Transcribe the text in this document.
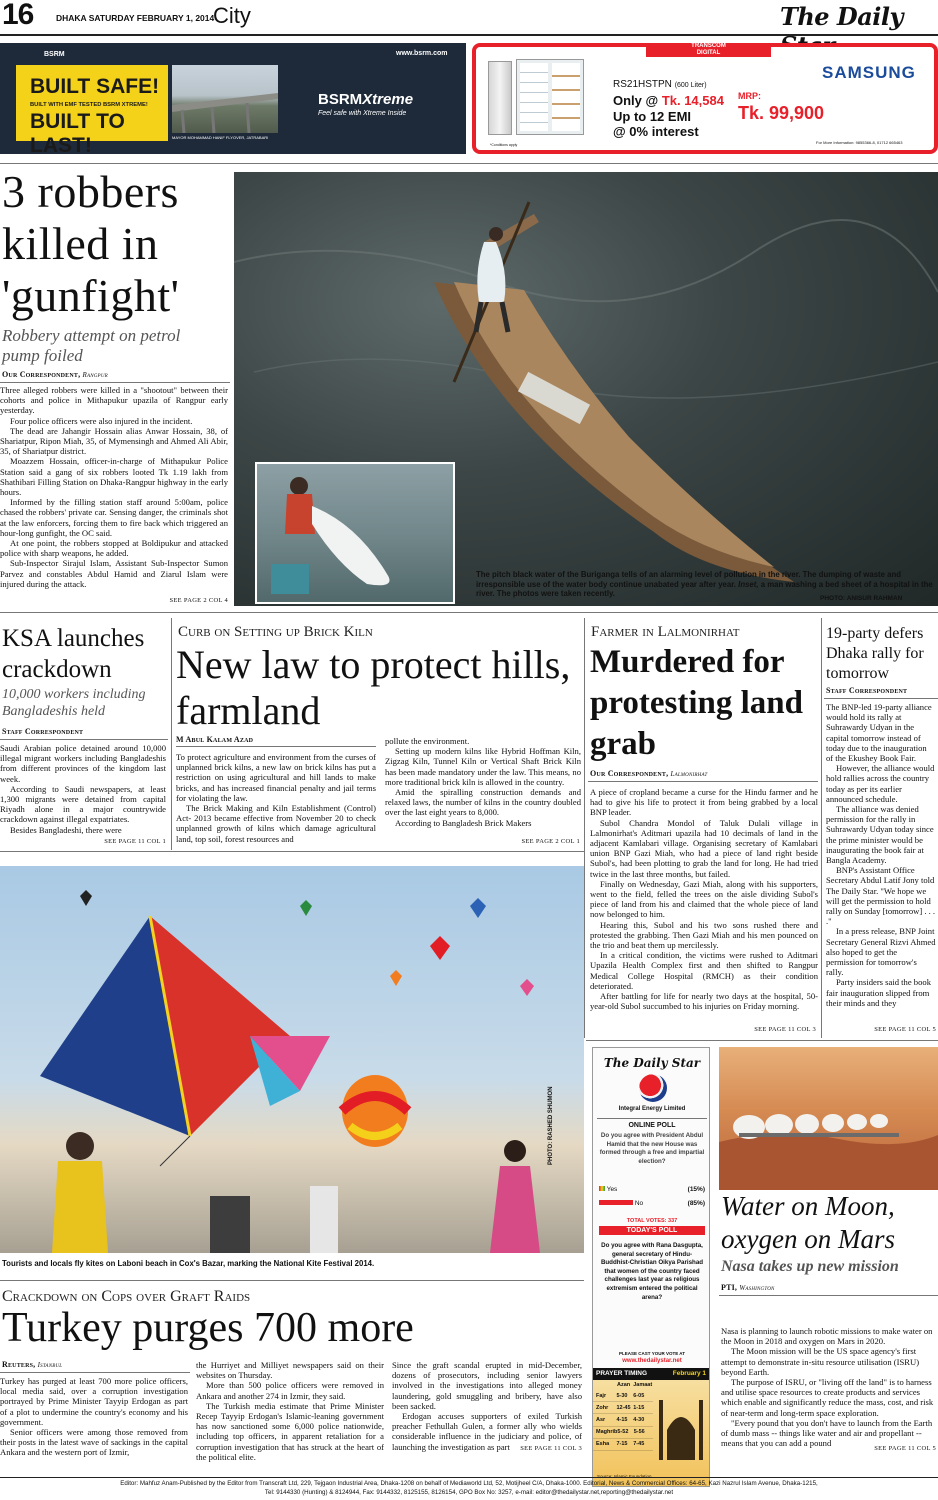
16	DHAKA SATURDAY FEBRUARY 1, 2014
City	The Daily
BSRM	www.bsrm.com
BUILT SAFE!
BUILT WITH EMF TESTED BSRM XTREME!
BUILT TO LAST!	MAYOR MOHAMMAD HANIF FLYOVER, JATRABARI
BSRMXtreme
Feel safe with Xtreme Inside
TRANSCOM
DIGITAL
*Conditions apply
RS21HSTPN (600 Liter)
Only @ Tk. 14,584
Up to 12 EMI
@ 0% interest
SAMSUNG
MRP:
Tk. 99,900
For More Information: 9855366-8, 01712 665463
3 robbers killed in 'gunfight'
Robbery attempt on petrol pump foiled
Our Correspondent, Rangpur

Three alleged robbers were killed in a "shootout" between their cohorts and police in Mithapukur upazila of Rangpur early yesterday.

Four police officers were also injured in the incident.

The dead are Jahangir Hossain alias Anwar Hossain, 38, of Shariatpur, Ripon Miah, 35, of Mymensingh and Ahmed Ali Abir, 35, of Shariatpur district.

Moazzem Hossain, officer-in-charge of Mithapukur Police Station said a gang of six robbers looted Tk 1.19 lakh from Shathibari Filling Station on Dhaka-Rangpur highway in the early hours.

Informed by the filling station staff around 5:00am, police chased the robbers' private car. Sensing danger, the criminals shot at the law enforcers, forcing them to fire back which triggered an hour-long gunfight, the OC said.

At one point, the robbers stopped at Boldipukur and attacked police with sharp weapons, he added.

Sub-Inspector Sirajul Islam, Assistant Sub-Inspector Sumon Parvez and constables Abdul Hamid and Ziarul Islam were injured during the attack.

SEE PAGE 2 COL 4
The pitch black water of the Buriganga tells of an alarming level of pollution in the river. The dumping of waste and irresponsible use of the water body continue unabated year after year. Inset, a man washing a bed sheet of a hospital in the river. The photos were taken recently.
PHOTO: ANISUR RAHMAN
KSA launches crackdown
10,000 workers including Bangladeshis held
Staff Correspondent

Saudi Arabian police detained around 10,000 illegal migrant workers including Bangladeshis from different provinces of the kingdom last week.

According to Saudi newspapers, at least 1,300 migrants were detained from capital Riyadh alone in a major countrywide crackdown against illegal expatriates.

Besides Bangladeshi, there were

SEE PAGE 11 COL 1
Curb on Setting up Brick Kiln
New law to protect hills, farmland
M Abul Kalam Azad

To protect agriculture and environment from the curses of unplanned brick kilns, a new law on brick kilns has put a restriction on using agricultural and hill lands to make bricks, and has increased financial penalty and jail terms for violating the law.

The Brick Making and Kiln Establishment (Control) Act- 2013 became effective from November 20 to check unplanned growth of kilns which damage agricultural land, top soil, forest resources and

pollute the environment.

Setting up modern kilns like Hybrid Hoffman Kiln, Zigzag Kiln, Tunnel Kiln or Vertical Shaft Brick Kiln has been made mandatory under the law. This means, no more traditional brick kiln is allowed in the country.

Amid the spiralling construction demands and relaxed laws, the number of kilns in the country doubled over the last eight years to 8,000.

According to Bangladesh Brick Makers

SEE PAGE 2 COL 1
Farmer in Lalmonirhat
Murdered for protesting land grab
Our Correspondent, Lalmonirhat

A piece of cropland became a curse for the Hindu farmer and he had to give his life to protect it from being grabbed by a local BNP leader.

Subol Chandra Mondol of Taluk Dulali village in Lalmonirhat's Aditmari upazila had 10 decimals of land in the adjacent Kamlabari village. Organising secretary of Kamlabari union BNP Gazi Miah, who had a piece of land right beside Subol's, had been plotting to grab the land for long. He had tried twice in the last three months, but failed.

Finally on Wednesday, Gazi Miah, along with his supporters, went to the field, felled the trees on the aisle dividing Subol's piece of land from his and claimed that the whole piece of land now belonged to him.

Hearing this, Subol and his two sons rushed there and protested the grabbing. Then Gazi Miah and his men pounced on the trio and beat them up mercilessly.

In a critical condition, the victims were rushed to Aditmari Upazila Health Complex first and then shifted to Rangpur Medical College Hospital (RMCH) as their condition deteriorated.

After battling for life for nearly two days at the hospital, 50-year-old Subol succumbed to his injuries on Friday morning.

SEE PAGE 11 COL 3
19-party defers Dhaka rally for tomorrow
Staff Correspondent

The BNP-led 19-party alliance would hold its rally at Suhrawardy Udyan in the capital tomorrow instead of today due to the inauguration of the Ekushey Book Fair.

However, the alliance would hold rallies across the country today as per its earlier announced schedule.

The alliance was denied permission for the rally in Suhrawardy Udyan today since the prime minister would be inaugurating the book fair at Bangla Academy.

BNP's Assistant Office Secretary Abdul Latif Jony told The Daily Star. "We hope we will get the permission to hold rally on Sunday [tomorrow] . . . ."

In a press release, BNP Joint Secretary General Rizvi Ahmed also hoped to get the permission for tomorrow's rally.

Party insiders said the book fair inauguration slipped from their minds and they

SEE PAGE 11 COL 5
PHOTO: RASHED SHUMON
Tourists and locals fly kites on Laboni beach in Cox's Bazar, marking the National Kite Festival 2014.
The Daily Star
Integral Energy Limited
ONLINE POLL
Do you agree with President Abdul Hamid that the new House was formed through a free and impartial election?
Yes	(15%)
No	(85%)
TOTAL VOTES: 337
TODAY'S POLL
Do you agree with Rana Dasgupta, general secretary of Hindu-Buddhist-Christian Oikya Parishad that women of the country faced challenges last year as religious extremism entered the political arena?
PLEASE CAST YOUR VOTE AT
www.thedailystar.net
PRAYER TIMING	February 1
Azan Jamaat
Fajr	5-30	6-05
Zohr	12-45 1-15
Asr	4-15	4-30
Maghrib 5-52 5-56
Esha	7-15	7-45
Water on Moon, oxygen on Mars
Nasa takes up new mission
PTI, Washington

Nasa is planning to launch robotic missions to make water on the Moon in 2018 and oxygen on Mars in 2020.

The Moon mission will be the US space agency's first attempt to demonstrate in-situ resource utilisation (ISRU) beyond Earth.

The purpose of ISRU, or "living off the land" is to harness and utilise space resources to create products and services which enable and significantly reduce the mass, cost, and risk of near-term and long-term space exploration.

"Every pound that you don't have to launch from the Earth of dumb mass -- things like water and air and propellant -- means that you can add a pound

SEE PAGE 11 COL 5
Crackdown on Cops over Graft Raids
Turkey purges 700 more
Reuters, Istanbul

Turkey has purged at least 700 more police officers, local media said, over a corruption investigation portrayed by Prime Minister Tayyip Erdogan as part of a plot to undermine the country's economy and his government.

Senior officers were among those removed from their posts in the latest wave of sackings in the capital Ankara and the western port of Izmir,

the Hurriyet and Milliyet newspapers said on their websites on Thursday.

More than 500 police officers were removed in Ankara and another 274 in Izmir, they said.

The Turkish media estimate that Prime Minister Recep Tayyip Erdogan's Islamic-leaning government has now sanctioned some 6,000 police nationwide, including top officers, in apparent retaliation for a corruption investigation that has struck at the heart of the political elite.

Since the graft scandal erupted in mid-December, dozens of prosecutors, including senior lawyers involved in the investigations into alleged money laundering, gold smuggling and bribery, have also been sacked.

Erdogan accuses supporters of exiled Turkish preacher Fethullah Gulen, a former ally who wields considerable influence in the judiciary and police, of launching the investigation as part	SEE PAGE 11 COL 3
Editor: Mahfuz Anam-Published by the Editor from Transcraft Ltd, 229, Tejgaon Industrial Area, Dhaka-1208 on behalf of Mediaworld Ltd, 52, Motijheel C/A, Dhaka-1000. Editorial, News & Commercial Offices: 64-65, Kazi Nazrul Islam Avenue, Dhaka-1215,
Tel: 9144330 (Hunting) & 8124944, Fax: 9144332, 8125155, 8126154, GPO Box No: 3257, e-mail: editor@thedailystar.net,reporting@thedailystar.net
